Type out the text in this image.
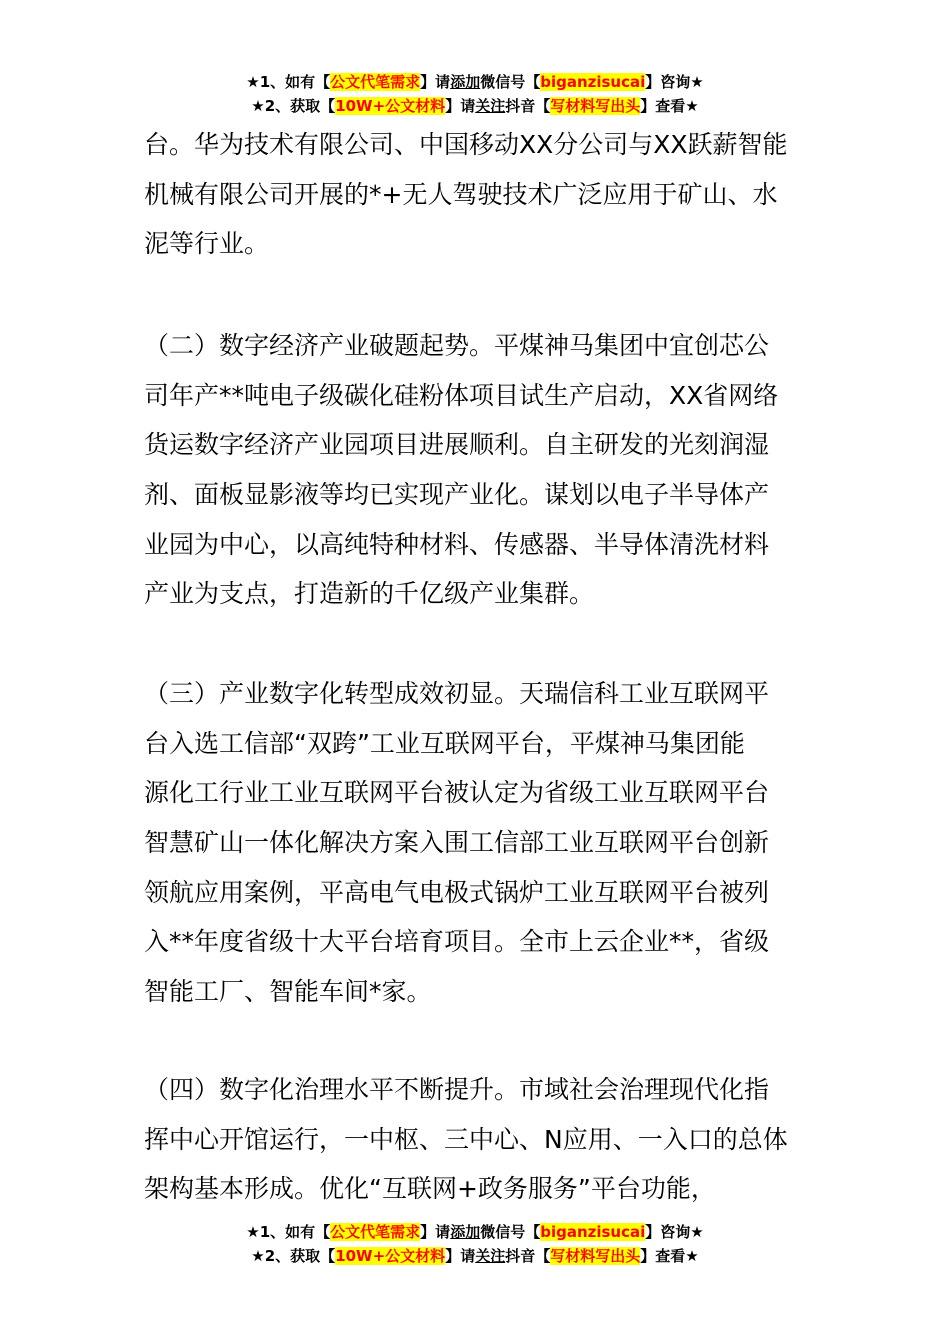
★1、如有【公文代笔需求】请添加微信号【biganzisucai】咨询★
★2、获取【10W+公文材料】请关注抖音【写材料写出头】查看★

台。华为技术有限公司、中国移动XX分公司与XX跃薪智能
机械有限公司开展的*+无人驾驶技术广泛应用于矿山、水
泥等行业。

（二）数字经济产业破题起势。平煤神马集团中宜创芯公
司年产**吨电子级碳化硅粉体项目试生产启动，XX省网络
货运数字经济产业园项目进展顺利。自主研发的光刻润湿
剂、面板显影液等均已实现产业化。谋划以电子半导体产
业园为中心，以高纯特种材料、传感器、半导体清洗材料
产业为支点，打造新的千亿级产业集群。

（三）产业数字化转型成效初显。天瑞信科工业互联网平
台入选工信部“双跨”工业互联网平台，平煤神马集团能
源化工行业工业互联网平台被认定为省级工业互联网平台
智慧矿山一体化解决方案入围工信部工业互联网平台创新
领航应用案例，平高电气电极式锅炉工业互联网平台被列
入**年度省级十大平台培育项目。全市上云企业**，省级
智能工厂、智能车间*家。

（四）数字化治理水平不断提升。市域社会治理现代化指
挥中心开馆运行，一中枢、三中心、N应用、一入口的总体
架构基本形成。优化“互联网+政务服务”平台功能，

★1、如有【公文代笔需求】请添加微信号【biganzisucai】咨询★
★2、获取【10W+公文材料】请关注抖音【写材料写出头】查看★
